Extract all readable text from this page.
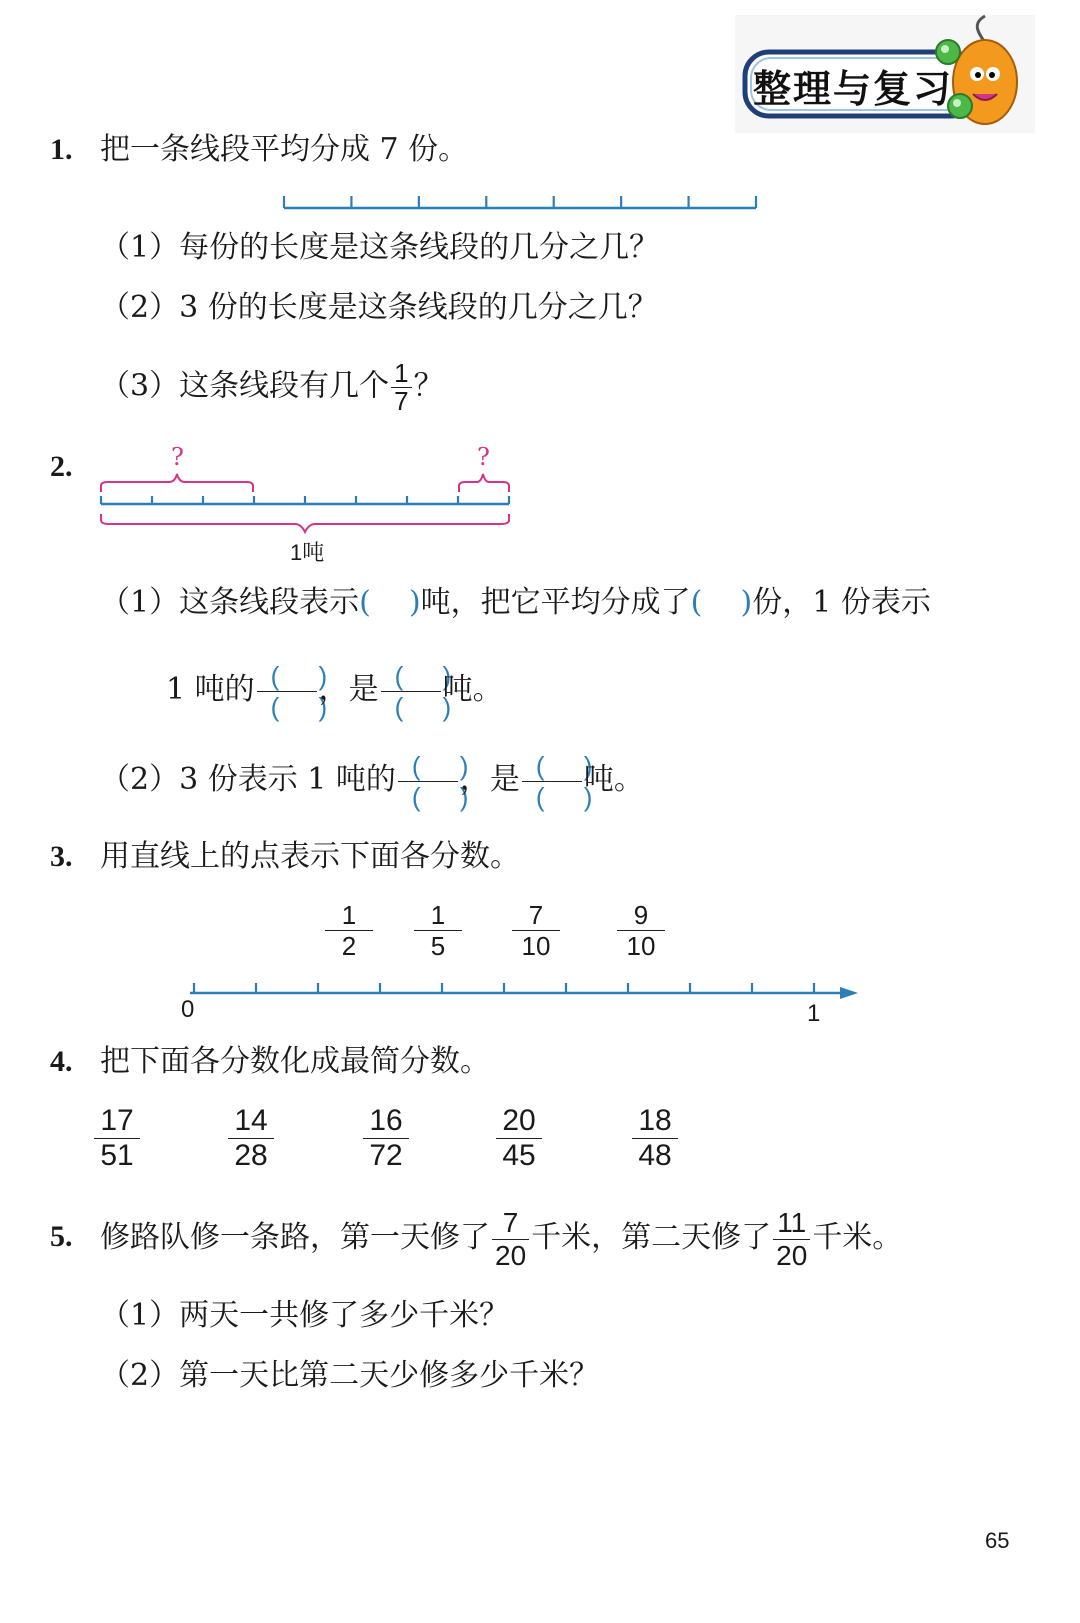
整理与复习
1. 把一条线段平均分成 7 份。
（1）每份的长度是这条线段的几分之几？
（2）3 份的长度是这条线段的几分之几？
（3）这条线段有几个 $\frac{1}{7}$ ？
2.	?	?
1吨
（1）这条线段表示(    )吨，把它平均分成了(    )份，1 份表示
1 吨的 $\frac{( )}{( )}$ ，是 $\frac{( )}{( )}$ 吨。
（2）3 份表示 1 吨的 $\frac{( )}{( )}$ ，是 $\frac{( )}{( )}$ 吨。
3. 用直线上的点表示下面各分数。
$\frac{1}{2} \frac{1}{5} \frac{7}{10} \frac{9}{10}$
0	1
4. 把下面各分数化成最简分数。
$\frac{17}{51}$	$\frac{14}{28}$	$\frac{16}{72}$	$\frac{20}{45}$	$\frac{18}{48}$
5. 修路队修一条路，第一天修了 $\frac{7}{20}$ 千米，第二天修了 $\frac{11}{20}$ 千米。
（1）两天一共修了多少千米？
（2）第一天比第二天少修多少千米？
65
